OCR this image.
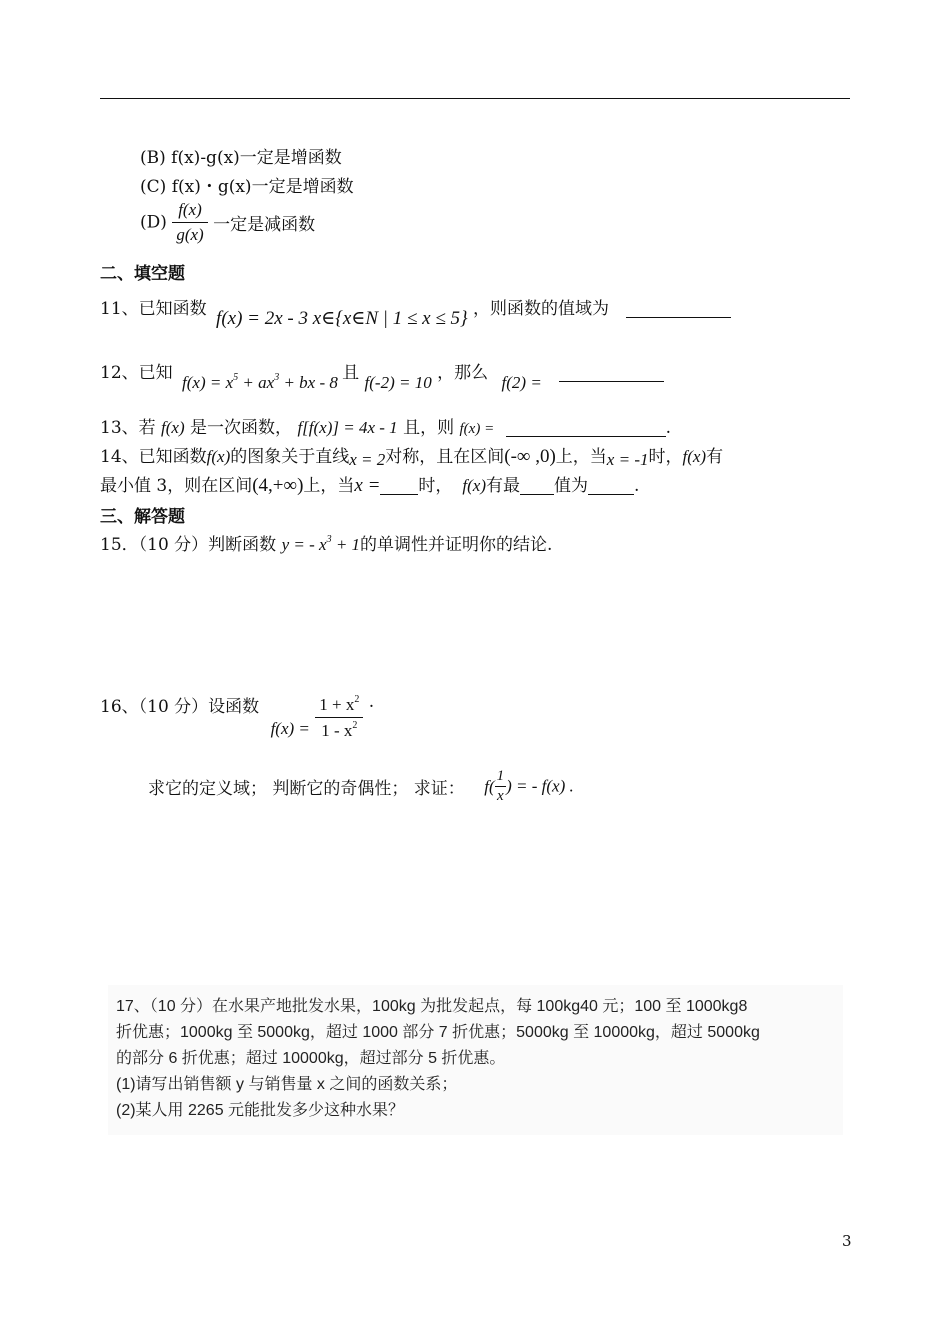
(B) f(x)-g(x)一定是增函数
(C) f(x)・g(x)一定是增函数
$(D) \frac{f(x)}{g(x)}$ 一定是减函数
二、填空题
11、已知函数 f(x) = 2x - 3 x∈{x∈N | 1 ≤ x ≤ 5} ，则函数的值域为
12、已知 $f(x) = x^5 + ax^3$ + bx - 8 且 f(-2) = 10 ，那么 f(2) =
13、若 f(x) 是一次函数， f[f(x)] = 4x - 1 且，则 f(x) =	.
14、已知函数f(x)的图象关于直线x = 2对称，且在区间(-∞ ,0)上，当x = -1时，f(x)有
最小值 3，则在区间(4,+∞)上，当x = 时， f(x)有最 值为	.
三、解答题
15．（10 分）判断函数 y = - $x^3 + 1$的单调性并证明你的结论.
16、（10 分）设函数 $f(x) = \frac{1 + x^2}{1 - x^2}$ .
求它的定义域； 判断它的奇偶性； 求证： $f( \frac{1}{x}$ ) = - f(x) .
17、（10 分）在水果产地批发水果，100kg 为批发起点，每 100kg40 元；100 至 1000kg8
折优惠；1000kg 至 5000kg，超过 1000 部分 7 折优惠；5000kg 至 10000kg，超过 5000kg
的部分 6 折优惠；超过 10000kg，超过部分 5 折优惠。
(1)请写出销售额 y 与销售量 x 之间的函数关系；
(2)某人用 2265 元能批发多少这种水果？
3
